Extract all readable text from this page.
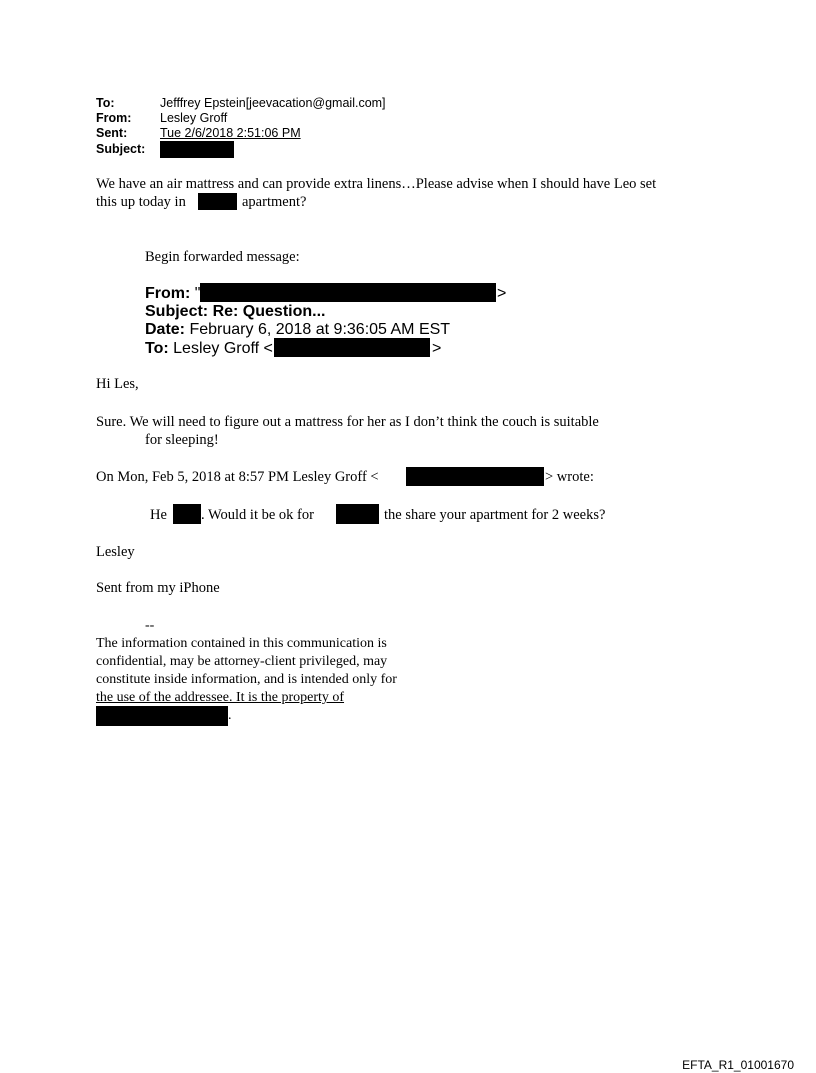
To:	Jefffrey Epstein[jeevacation@gmail.com]
From: Lesley Groff
Sent:	Tue 2/6/2018 2:51:06 PM
Subject:
We have an air mattress and can provide extra linens…Please advise when I should have Leo set
this up today in	apartment?
Begin forwarded message:
From: "	>
Subject: Re: Question...
Date: February 6, 2018 at 9:36:05 AM EST
To: Lesley Groff <	>
Hi Les,
Sure. We will need to figure out a mattress for her as I don’t think the couch is suitable
for sleeping!
On Mon, Feb 5, 2018 at 8:57 PM Lesley Groff <	> wrote:
He . Would it be ok for	the share your apartment for 2 weeks?
Lesley
Sent from my iPhone
--
The information contained in this communication is
confidential, may be attorney-client privileged, may
constitute inside information, and is intended only for
the use of the addressee. It is the property of
.
EFTA_R1_01001670
